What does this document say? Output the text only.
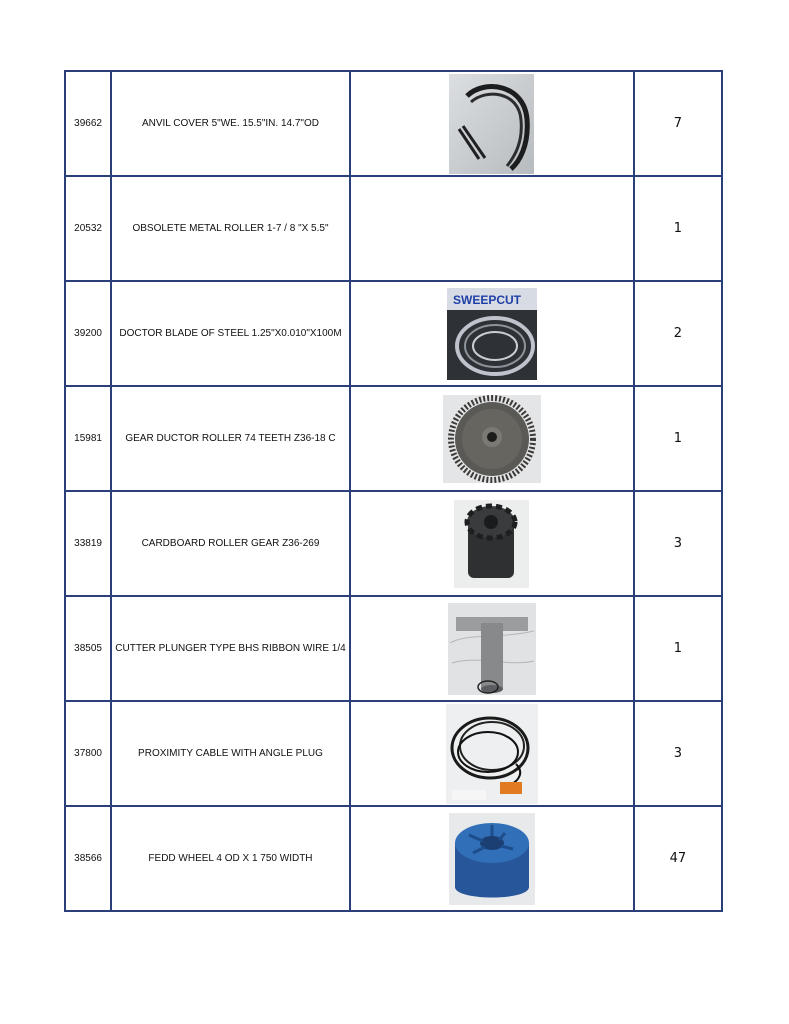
39662	ANVIL COVER 5"WE. 15.5"IN. 14.7"OD		7
20532	OBSOLETE METAL ROLLER 1-7 / 8 "X 5.5"		1
39200	DOCTOR BLADE OF STEEL 1.25"X0.010"X100M	SWEEPCUT	2
15981	GEAR DUCTOR ROLLER 74 TEETH Z36-18 C		1
33819	CARDBOARD ROLLER GEAR Z36-269		3
38505	CUTTER PLUNGER TYPE BHS RIBBON WIRE 1/4		1
37800	PROXIMITY CABLE WITH ANGLE PLUG		3
38566	FEDD WHEEL 4 OD X 1 750 WIDTH		47
